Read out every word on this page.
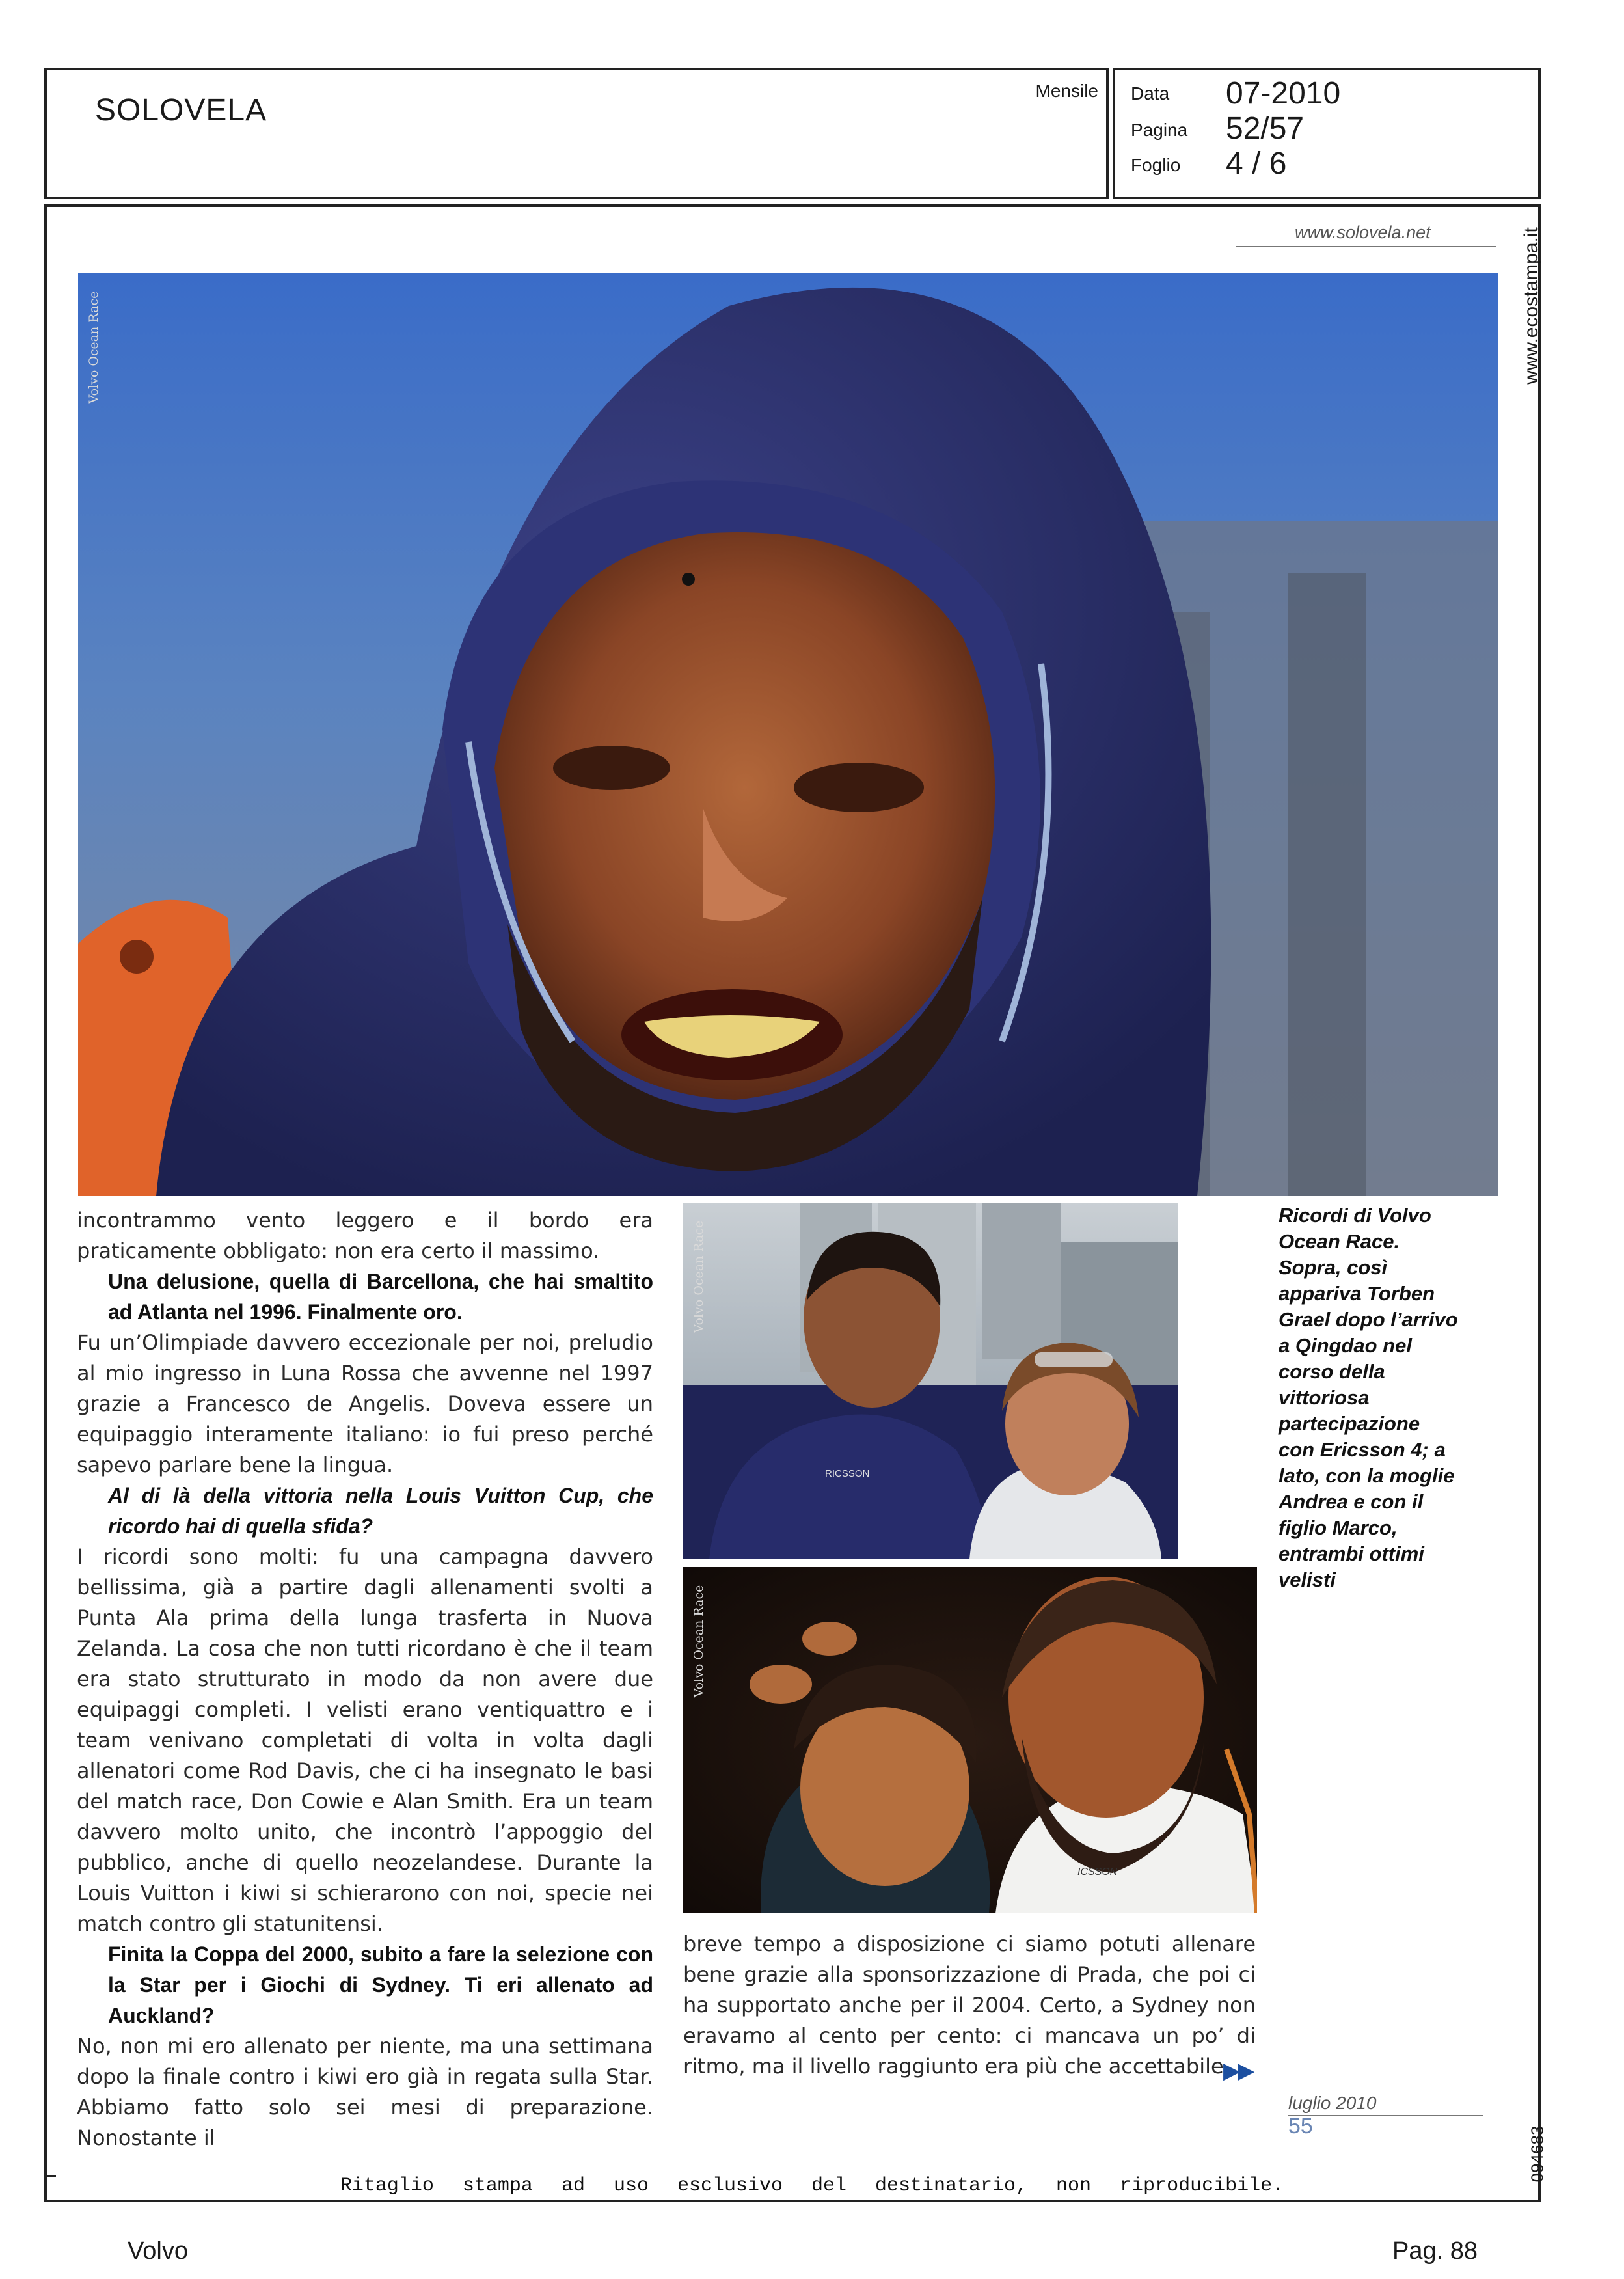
SOLOVELA
Mensile Data 07-2010
Pagina 52/57
Foglio 4 / 6
www.solovela.net	www.ecostampa.it
Volvo Ocean Race
Volvo Ocean Race
RICSSON
Volvo Ocean Race
ICSSON

incontrammo vento leggero e il bordo era praticamente obbligato: non era certo il massimo.

Una delusione, quella di Barcellona, che hai smaltito ad Atlanta nel 1996. Finalmente oro.

Fu un’Olimpiade davvero eccezionale per noi, preludio al mio ingresso in Luna Rossa che avvenne nel 1997 grazie a Francesco de Angelis. Doveva essere un equipaggio interamente italiano: io fui preso perché sapevo parlare bene la lingua.

Al di là della vittoria nella Louis Vuitton Cup, che ricordo hai di quella sfida?

I ricordi sono molti: fu una campagna davvero bellissima, già a partire dagli allenamenti svolti a Punta Ala prima della lunga trasferta in Nuova Zelanda. La cosa che non tutti ricordano è che il team era stato strutturato in modo da non avere due equipaggi completi. I velisti erano ventiquattro e i team venivano completati di volta in volta dagli allenatori come Rod Davis, che ci ha insegnato le basi del match race, Don Cowie e Alan Smith. Era un team davvero molto unito, che incontrò l’appoggio del pubblico, anche di quello neozelandese. Durante la Louis Vuitton i kiwi si schierarono con noi, specie nei match contro gli statunitensi.

Finita la Coppa del 2000, subito a fare la selezione con la Star per i Giochi di Sydney. Ti eri allenato ad Auckland?

No, non mi ero allenato per niente, ma una settimana dopo la finale contro i kiwi ero già in regata sulla Star. Abbiamo fatto solo sei mesi di preparazione. Nonostante il

breve tempo a disposizione ci siamo potuti allenare bene grazie alla sponsorizzazione di Prada, che poi ci ha supportato anche per il 2004. Certo, a Sydney non eravamo al cento per cento: ci mancava un po’ di ritmo, ma il livello raggiunto era più che accettabile.

▶▶
Ricordi di Volvo Ocean Race. Sopra, così appariva Torben Grael dopo l’arrivo a Qingdao nel corso della vittoriosa partecipazione con Ericsson 4; a lato, con la moglie Andrea e con il figlio Marco, entrambi ottimi velisti
luglio 2010
55	094683
Ritaglio stampa ad uso esclusivo del destinatario, non riproducibile.
Volvo	Pag. 88
